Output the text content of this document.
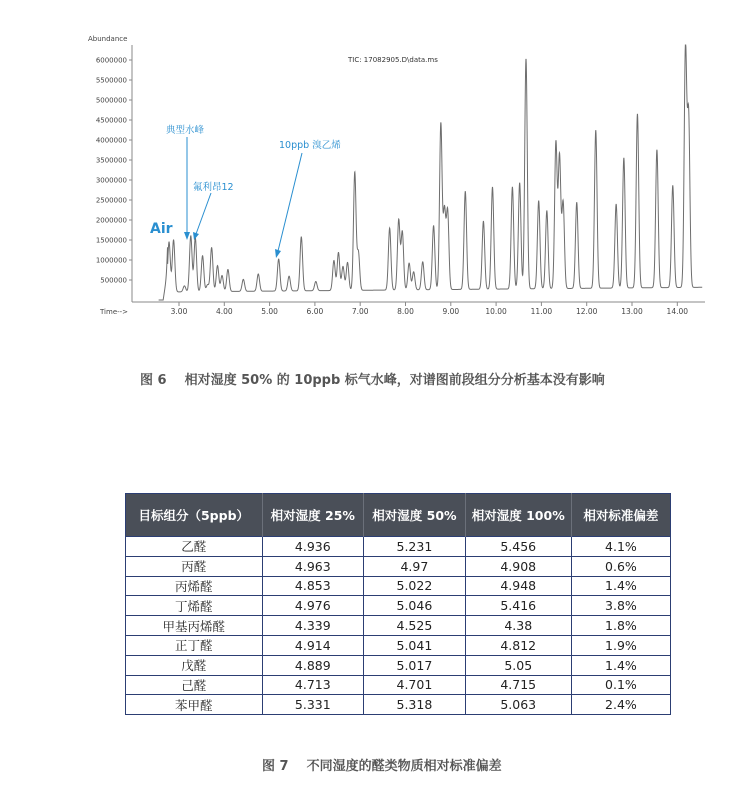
500000
1000000
1500000
2000000
2500000
3000000
3500000
4000000
4500000
5000000
5500000
6000000
3.00	4.00	5.00	6.00	7.00	8.00	9.00	10.00	11.00	12.00	13.00	14.00
Abundance
Time-->
TIC: 17082905.D\data.ms
Air
典型水峰
氟利昂12
10ppb 溴乙烯
图 6 相对湿度 50% 的 10ppb 标气水峰，对谱图前段组分分析基本没有影响
目标组分（5ppb）	相对湿度 25%	相对湿度 50%	相对湿度 100%	相对标准偏差
乙醛	4.936	5.231	5.456	4.1%
丙醛	4.963	4.97	4.908	0.6%
丙烯醛	4.853	5.022	4.948	1.4%
丁烯醛	4.976	5.046	5.416	3.8%
甲基丙烯醛	4.339	4.525	4.38	1.8%
正丁醛	4.914	5.041	4.812	1.9%
戊醛	4.889	5.017	5.05	1.4%
己醛	4.713	4.701	4.715	0.1%
苯甲醛	5.331	5.318	5.063	2.4%
图 7 不同湿度的醛类物质相对标准偏差
